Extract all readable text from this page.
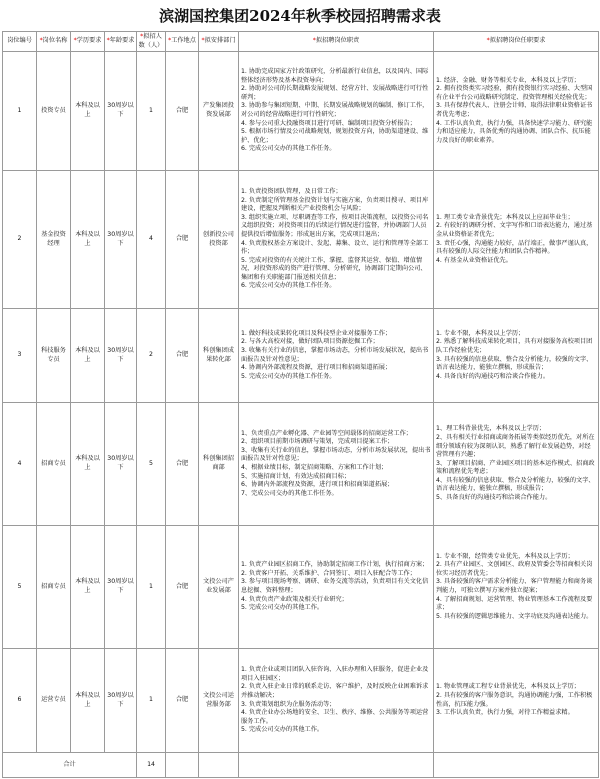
滨湖国控集团2024年秋季校园招聘需求表
岗位编号	*岗位名称	*学历要求	*年龄要求	*拟招人数（人）	*工作地点	*拟安排部门	*拟招聘岗位职责	*拟招聘岗位任职要求
1	投资专员	本科及以上	30周岁以下	1	合肥	产发集团投资发展部	
1. 协助完成国家方针政策研究，分析最新行业信息，以及国内、国际整体经济形势及基本投资导向；
2. 协助对公司的长期战略发展规划、经营方针、发展战略进行可行性研判；
3. 协助参与集团短期、中期、长期发展战略规划的编制、修订工作，对公司的经营战略进行可行性研究；
4. 参与公司重大投融资项目进行可研、编制项目投资分析报告；
5. 根据市场行情及公司战略规划，规划投资方向，协助渠道建设、维护、优化；
6. 完成公司交办的其他工作任务。

1. 经济、金融、财务等相关专业，本科及以上学历；
2. 拥有投资类实习经验，拥有投资银行实习经验、大型国有企业平台公司战略研究制定、投资管理相关经验优先；
3. 具有保荐代表人、注册会计师、取得法律职业资格证书者优先考虑；
4. 工作认真负责，执行力强，具备快速学习能力、研究能力和适应能力，具备优秀的沟通协调、团队合作、抗压能力及良好的职业素养。

2	基金投资经理	本科及以上	30周岁以下	4	合肥	创新投公司投资部	
1. 负责投资团队管理，及日常工作；
2. 负责制定所管理基金投资计划与实施方案，负责项目搜寻、项目库建设，把握及判断相关产业投资机会与风险；
3. 组织实施立项、尽职调查等工作，按项目决策流程，以投资公司名义组织投资；对投资项目的后续运行情况进行监督，并协调部门人员提供投后增值服务；形成退出方案，完成项目退出；
4. 负责股权基金方案设计、发起、募集、设立、运行和管理等全部工作；
5. 完成对投资的有关统计工作，掌握、监督其运营、保值、增值情况，对投资形成的资产进行管理、分析研究，协调部门定期向公司、集团和有关职能部门报送相关信息；
6. 完成公司交办的其他工作任务。

1. 理工类专业背景优先；本科及以上应届毕业生；
2. 有较好的调研分析、文字写作和口语表达能力，通过基金从业资格证者优先；
3. 责任心强，沟通能力较好，品行端正，做事严谨认真，具有较强的人际交往能力和团队合作精神。
4. 有基金从业资格证优先。

3	科技服务专员	本科及以上	30周岁以下	2	合肥	科创集团成果转化部	1. 做好科技成果转化项目及科技型企业对接服务工作；
2. 与各大高校对接，做好团队项目资源挖掘工作；
3. 收集有关行业的信息，掌握市场动态，分析市场发展状况，提出书面报告及针对性意见；
4. 协调内外部流程及资源，进行项目和招商渠道拓展；
5. 完成公司交办的其他工作任务。	1. 专业不限，本科及以上学历；
2. 熟悉了解科技成果转化项目，具有对接服务高校项目团队工作经验优先；
3. 具有较强的信息获取、整合及分析能力，较强的文字、语言表达能力，能独立撰稿，形成报告；
4. 具备良好的沟通技巧和洽谈合作能力。

4	招商专员	本科及以上	30周岁以下	5	合肥	科创集团招商部	
1、负责重点产业孵化器、产业园等空间载体的招商运营工作；
2、组织项目前期市场调研与策划，完成项目提案工作；
3、收集有关行业的信息，掌握市场动态，分析市场发展状况，提出书面报告及针对性意见；
4、根据业绩目标，制定招商策略、方案和工作计划；
5、实施招商计划，有效达成招商目标；
6、协调内外部流程及资源，进行项目和招商渠道拓展；
7、完成公司交办的其他工作任务。

1、理工科背景优先，本科及以上学历；
2、具有相关行业招商或商务拓展等类似经历优先，对所在细分领域有较为深刻认识，熟悉了解行业发展趋势，对经营管理有兴趣；
3、了解项目招商、产业园区项目的基本运作模式、招商政策和流程优先考虑；
4、具有较强的信息获取、整合及分析能力，较强的文字、语言表达能力，能独立撰稿，形成报告；
5、具备良好的沟通技巧和洽谈合作能力。

5	招商专员	本科及以上	30周岁以下	1	合肥	文投公司产业发展部	1. 负责产业园区招商工作，协助制定招商工作计划，执行招商方案；
2. 负责客户开拓、关系维护、合同签订、项目入驻配合等工作；
3. 参与项目现场考察、调研、业务交流等活动，负责项目有关文化信息挖掘、资料整理；
4. 负责负责产业政策及相关行业研究；
5. 完成公司交办的其他工作。	1. 专业不限，经管类专业优先，本科及以上学历；
2. 具有产业园区、文创园区、政府及管委会等招商相关岗位实习经历者优先；
3. 具备较强的客户需求分析能力、客户管理能力和商务谈判能力，可独立撰写方案并独立提案；
4. 了解招商规划、运营管理、物业管理基本工作流程及要求；
5. 具有较强的逻辑思维能力、文字功底及沟通表达能力。

6	运营专员	本科及以上	30周岁以下	1	合肥	文投公司运营服务部	1. 负责企业或项目团队入驻咨询、入驻办理和入驻服务，促进企业及项目入驻园区；
2. 负责入驻企业日常的联系走访、客户维护，及时反映企业困难诉求并推动解决；
3. 负责策划组织为企服务活动等；
4. 负责企业办公场地的安全、卫生、秩序、维修、公共服务等项运营服务工作。
5. 完成公司交办的其他工作。	1. 物业管理或工程专业背景优先，本科及以上学历；
2. 具有较强的客户服务意识，沟通协调能力强，工作积极性高，抗压能力强。
3. 工作认真负责，执行力强，对待工作精益求精。

合计				14				
